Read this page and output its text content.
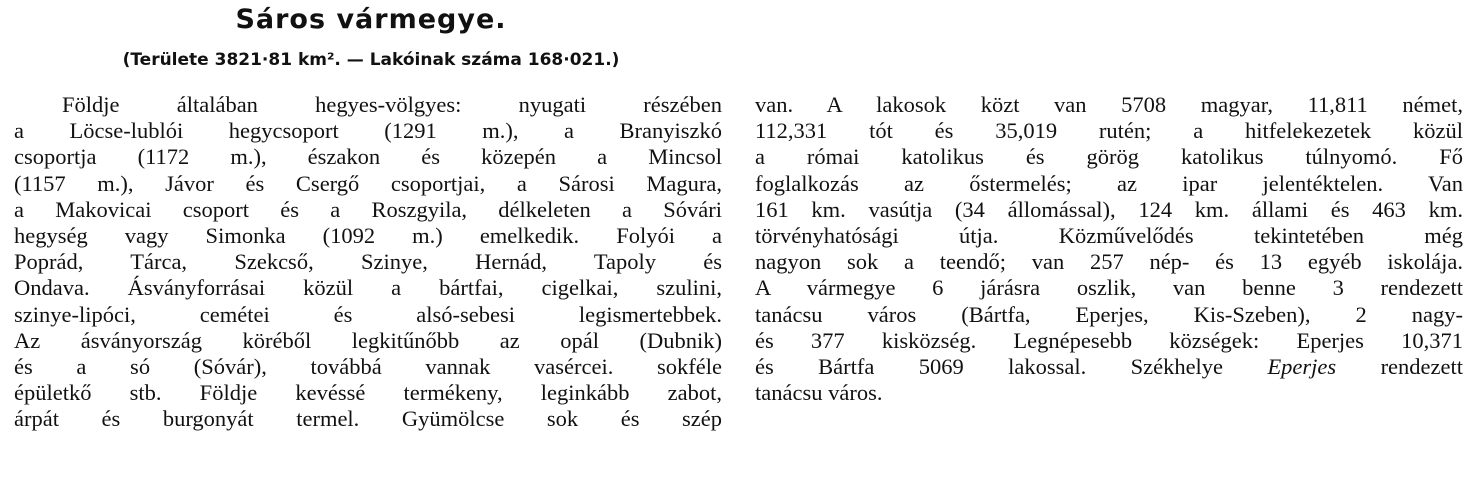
Sáros vármegye.
(Területe 3821·81 km². — Lakóinak száma 168·021.)
Földje általában hegyes-völgyes: nyugati részében
a Löcse-lublói hegycsoport (1291 m.), a Branyiszkó
csoportja (1172 m.), északon és közepén a Mincsol
(1157 m.), Jávor és Csergő csoportjai, a Sárosi Magura,
a Makovicai csoport és a Roszgyila, délkeleten a Sóvári
hegység vagy Simonka (1092 m.) emelkedik. Folyói a
Poprád, Tárca, Szekcső, Szinye, Hernád, Tapoly és
Ondava. Ásványforrásai közül a bártfai, cigelkai, szulini,
szinye-lipóci, cemétei és alsó-sebesi legismertebbek.
Az ásványország köréből legkitűnőbb az opál (Dubnik)
és a só (Sóvár), továbbá vannak vasércei. sokféle
épületkő stb. Földje kevéssé termékeny, leginkább zabot,
árpát és burgonyát termel. Gyümölcse sok és szép
van. A lakosok közt van 5708 magyar, 11,811 német,
112,331 tót és 35,019 rutén; a hitfelekezetek közül
a római katolikus és görög katolikus túlnyomó. Fő
foglalkozás az őstermelés; az ipar jelentéktelen. Van
161 km. vasútja (34 állomással), 124 km. állami és 463 km.
törvényhatósági útja. Közművelődés tekintetében még
nagyon sok a teendő; van 257 nép- és 13 egyéb iskolája.
A vármegye 6 járásra oszlik, van benne 3 rendezett
tanácsu város (Bártfa, Eperjes, Kis-Szeben), 2 nagy-
és 377 kisközség. Legnépesebb községek: Eperjes 10,371
és Bártfa 5069 lakossal. Székhelye Eperjes rendezett
tanácsu város.
